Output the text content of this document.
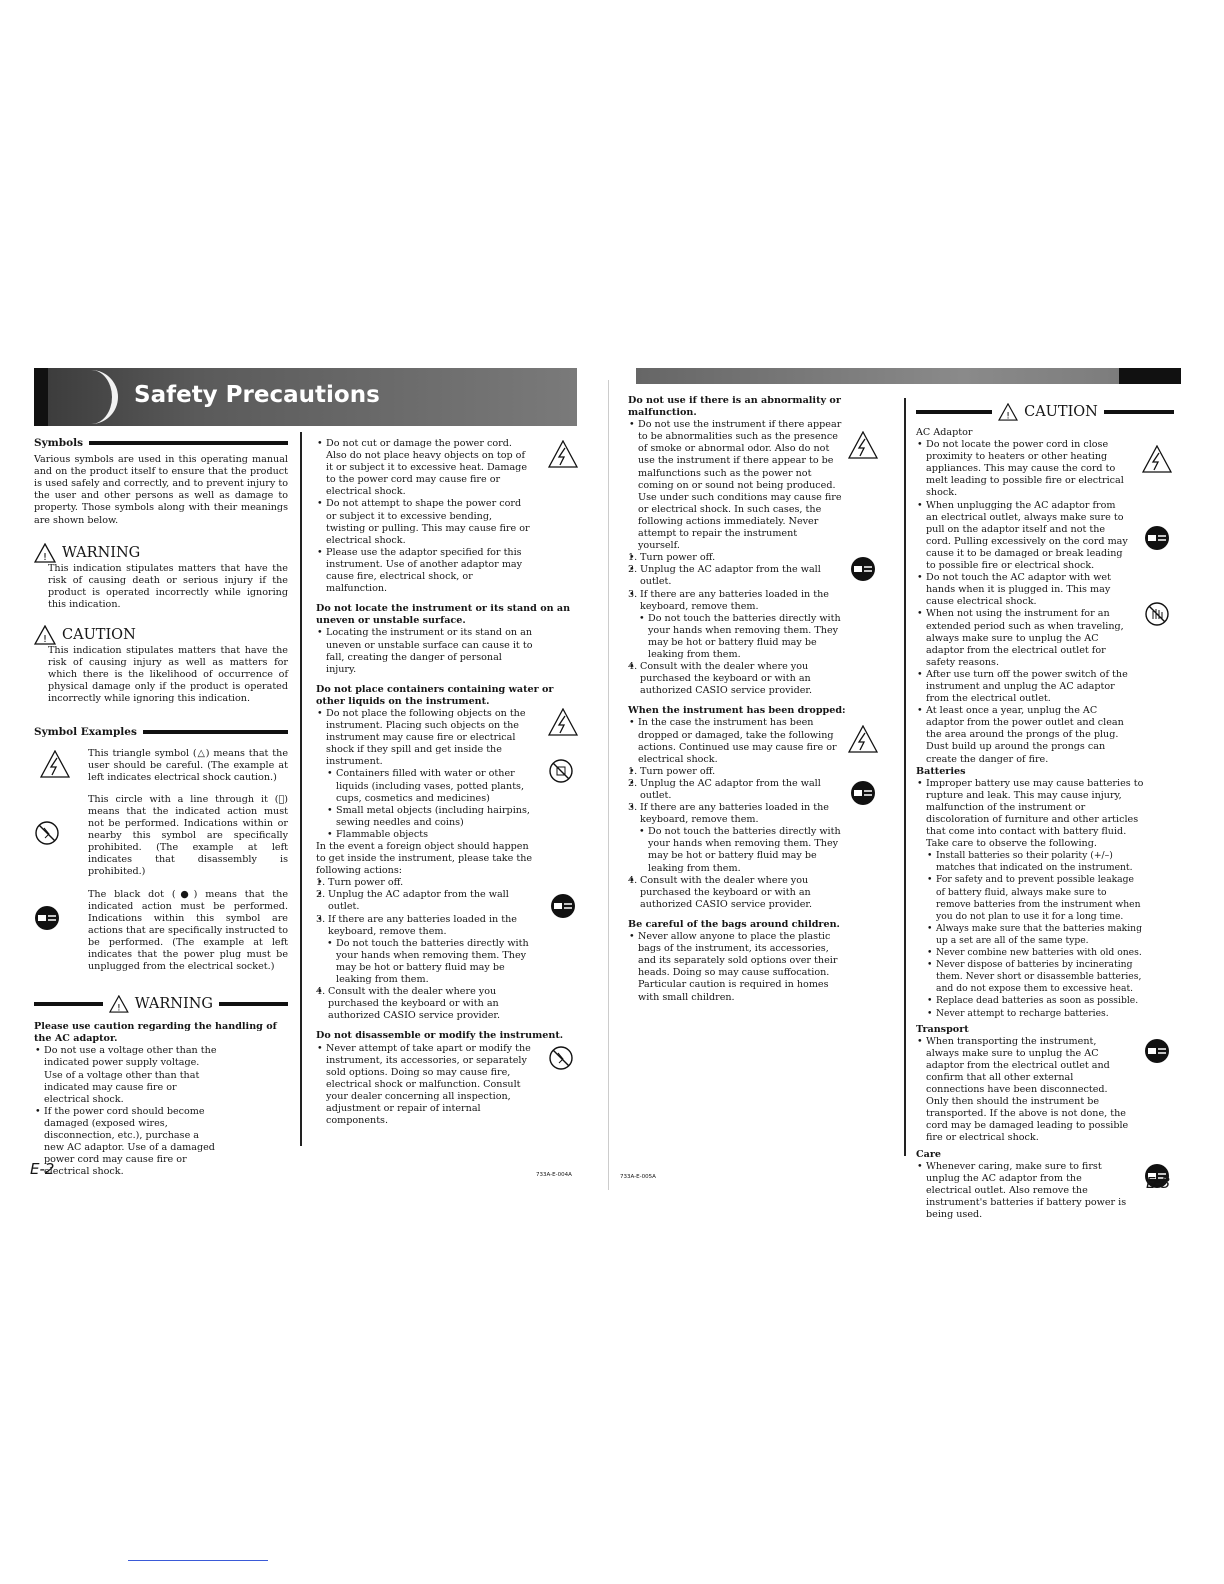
Safety Precautions
Symbols

Various symbols are used in this operating manual and on the product itself to ensure that the product is used safely and correctly, and to prevent injury to the user and other persons as well as damage to property. Those symbols along with their meanings are shown below.

! WARNING

This indication stipulates matters that have the risk of causing death or serious injury if the product is operated incorrectly while ignoring this indication.

! CAUTION

This indication stipulates matters that have the risk of causing injury as well as matters for which there is the likelihood of occurrence of physical damage only if the product is operated incorrectly while ignoring this indication.

Symbol Examples

This triangle symbol (△) means that the user should be careful. (The example at left indicates electrical shock caution.)

This circle with a line through it (⃠) means that the indicated action must not be performed. Indications within or nearby this symbol are specifically prohibited. (The example at left indicates that disassembly is prohibited.)

The black dot (●) means that the indicated action must be performed. Indications within this symbol are actions that are specifically instructed to be performed. (The example at left indicates that the power plug must be unplugged from the electrical socket.)

! WARNING

Please use caution regarding the handling of the AC adaptor.

• Do not use a voltage other than the indicated power supply voltage. Use of a voltage other than that indicated may cause fire or electrical shock.
• If the power cord should become damaged (exposed wires, disconnection, etc.), purchase a new AC adaptor. Use of a damaged power cord may cause fire or electrical shock.
E-2
• Do not cut or damage the power cord. Also do not place heavy objects on top of it or subject it to excessive heat. Damage to the power cord may cause fire or electrical shock.
• Do not attempt to shape the power cord or subject it to excessive bending, twisting or pulling. This may cause fire or electrical shock.
• Please use the adaptor specified for this instrument. Use of another adaptor may cause fire, electrical shock, or malfunction.

Do not locate the instrument or its stand on an uneven or unstable surface.

• Locating the instrument or its stand on an uneven or unstable surface can cause it to fall, creating the danger of personal injury.

Do not place containers containing water or other liquids on the instrument.

• Do not place the following objects on the instrument. Placing such objects on the instrument may cause fire or electrical shock if they spill and get inside the instrument.
• Containers filled with water or other liquids (including vases, potted plants, cups, cosmetics and medicines)
• Small metal objects (including hairpins, sewing needles and coins)
• Flammable objects

In the event a foreign object should happen to get inside the instrument, please take the following actions:

• 1. Turn power off.
• 2. Unplug the AC adaptor from the wall outlet.
• 3. If there are any batteries loaded in the keyboard, remove them.
• Do not touch the batteries directly with your hands when removing them. They may be hot or battery fluid may be leaking from them.
• 4. Consult with the dealer where you purchased the keyboard or with an authorized CASIO service provider.

Do not disassemble or modify the instrument.

• Never attempt of take apart or modify the instrument, its accessories, or separately sold options. Doing so may cause fire, electrical shock or malfunction. Consult your dealer concerning all inspection, adjustment or repair of internal components.
733A-E-004A

Do not use if there is an abnormality or malfunction.

• Do not use the instrument if there appear to be abnormalities such as the presence of smoke or abnormal odor. Also do not use the instrument if there appear to be malfunctions such as the power not coming on or sound not being produced. Use under such conditions may cause fire or electrical shock. In such cases, the following actions immediately. Never attempt to repair the instrument yourself.
• 1. Turn power off.
• 2. Unplug the AC adaptor from the wall outlet.
• 3. If there are any batteries loaded in the keyboard, remove them.
• Do not touch the batteries directly with your hands when removing them. They may be hot or battery fluid may be leaking from them.
• 4. Consult with the dealer where you purchased the keyboard or with an authorized CASIO service provider.

When the instrument has been dropped:

• In the case the instrument has been dropped or damaged, take the following actions. Continued use may cause fire or electrical shock.
• 1. Turn power off.
• 2. Unplug the AC adaptor from the wall outlet.
• 3. If there are any batteries loaded in the keyboard, remove them.
• Do not touch the batteries directly with your hands when removing them. They may be hot or battery fluid may be leaking from them.
• 4. Consult with the dealer where you purchased the keyboard or with an authorized CASIO service provider.

Be careful of the bags around children.

• Never allow anyone to place the plastic bags of the instrument, its accessories, and its separately sold options over their heads. Doing so may cause suffocation. Particular caution is required in homes with small children.
733A-E-005A
! CAUTION

AC Adaptor

• Do not locate the power cord in close proximity to heaters or other heating appliances. This may cause the cord to melt leading to possible fire or electrical shock.
• When unplugging the AC adaptor from an electrical outlet, always make sure to pull on the adaptor itself and not the cord. Pulling excessively on the cord may cause it to be damaged or break leading to possible fire or electrical shock.
• Do not touch the AC adaptor with wet hands when it is plugged in. This may cause electrical shock.
• When not using the instrument for an extended period such as when traveling, always make sure to unplug the AC adaptor from the electrical outlet for safety reasons.
• After use turn off the power switch of the instrument and unplug the AC adaptor from the electrical outlet.
• At least once a year, unplug the AC adaptor from the power outlet and clean the area around the prongs of the plug. Dust build up around the prongs can create the danger of fire.

Batteries

• Improper battery use may cause batteries to rupture and leak. This may cause injury, malfunction of the instrument or discoloration of furniture and other articles that come into contact with battery fluid. Take care to observe the following.
• Install batteries so their polarity (+/–) matches that indicated on the instrument.
• For safety and to prevent possible leakage of battery fluid, always make sure to remove batteries from the instrument when you do not plan to use it for a long time.
• Always make sure that the batteries making up a set are all of the same type.
• Never combine new batteries with old ones.
• Never dispose of batteries by incinerating them. Never short or disassemble batteries, and do not expose them to excessive heat.
• Replace dead batteries as soon as possible.
• Never attempt to recharge batteries.

Transport

• When transporting the instrument, always make sure to unplug the AC adaptor from the electrical outlet and confirm that all other external connections have been disconnected. Only then should the instrument be transported. If the above is not done, the cord may be damaged leading to possible fire or electrical shock.

Care

• Whenever caring, make sure to first unplug the AC adaptor from the electrical outlet. Also remove the instrument's batteries if battery power is being used.
E-3
